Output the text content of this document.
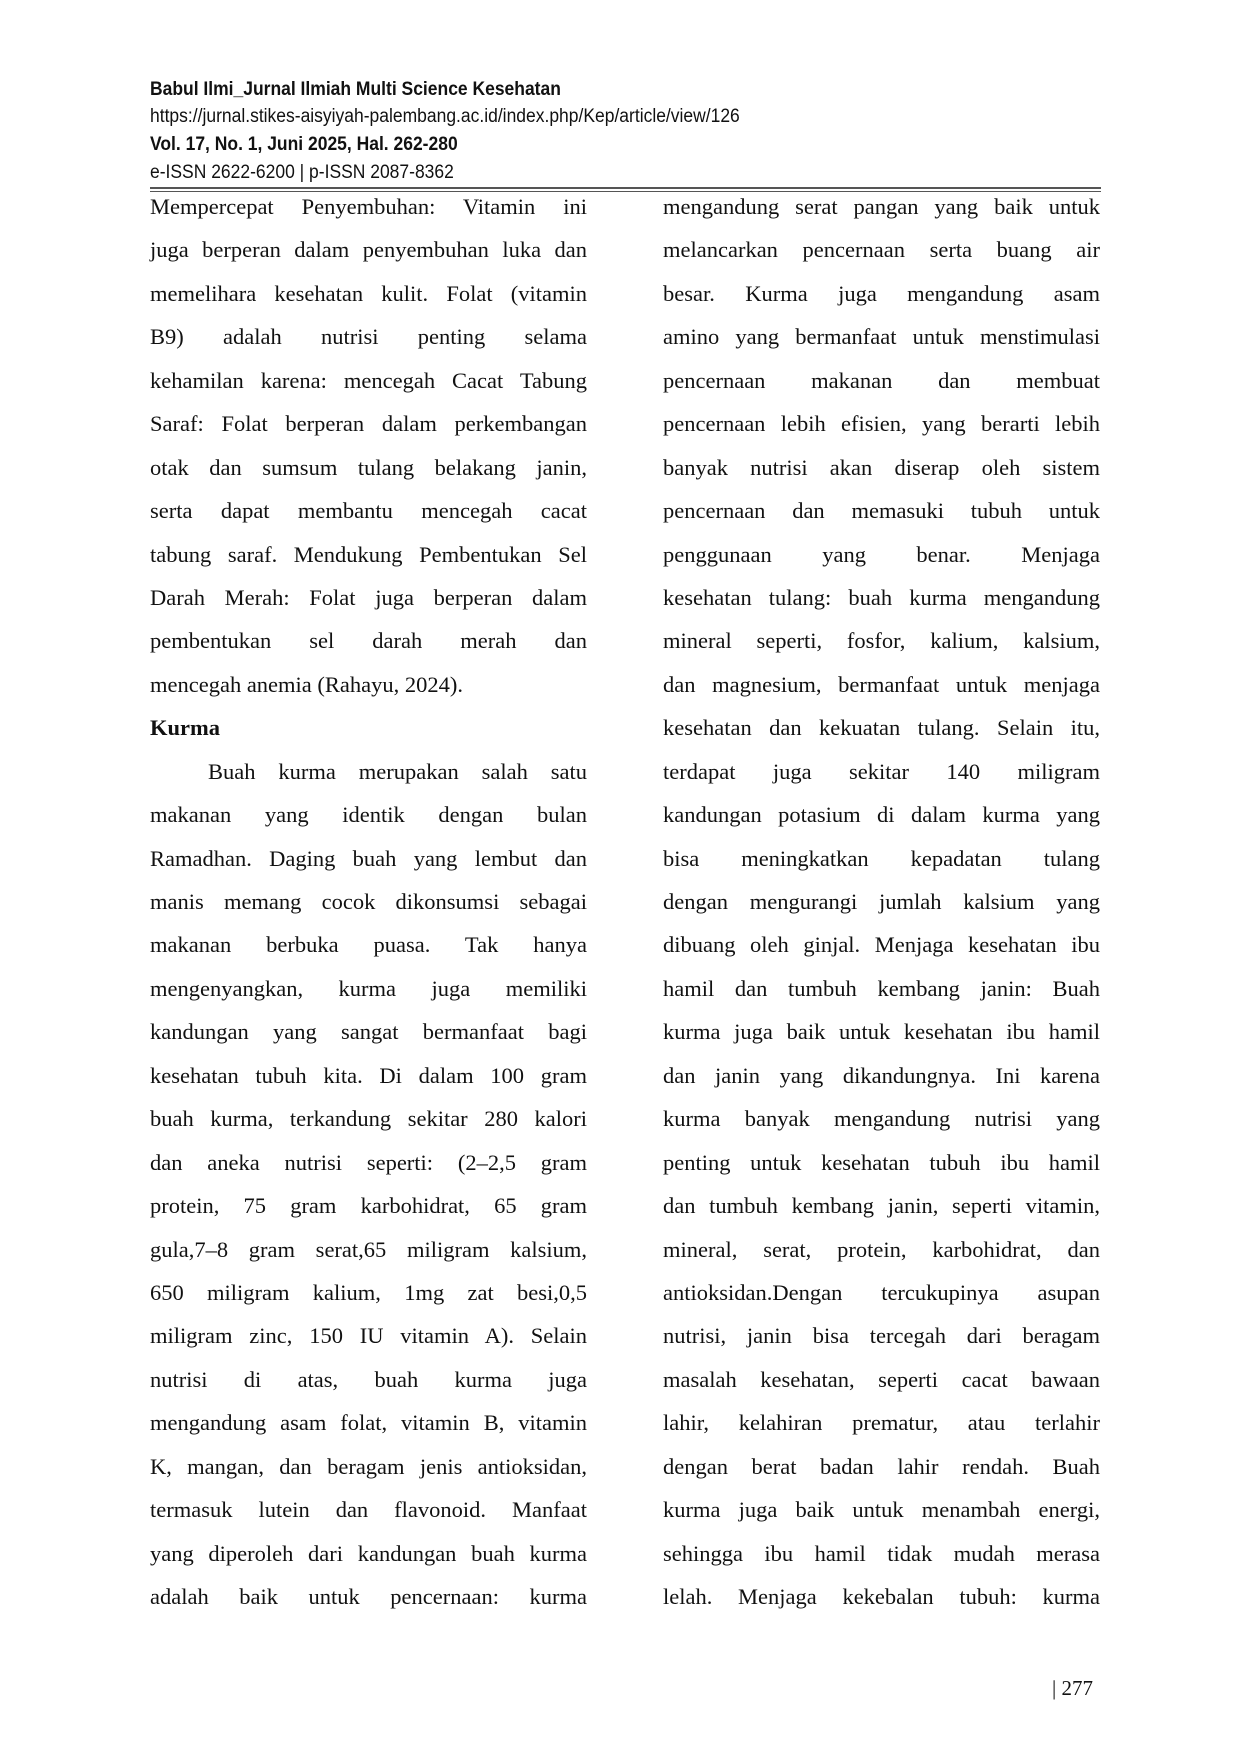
Babul Ilmi_Jurnal Ilmiah Multi Science Kesehatan
https://jurnal.stikes-aisyiyah-palembang.ac.id/index.php/Kep/article/view/126
Vol. 17, No. 1, Juni 2025, Hal. 262-280
e-ISSN 2622-6200 | p-ISSN 2087-8362
Mempercepat Penyembuhan: Vitamin ini
juga berperan dalam penyembuhan luka dan
memelihara kesehatan kulit. Folat (vitamin
B9) adalah nutrisi penting selama
kehamilan karena: mencegah Cacat Tabung
Saraf: Folat berperan dalam perkembangan
otak dan sumsum tulang belakang janin,
serta dapat membantu mencegah cacat
tabung saraf. Mendukung Pembentukan Sel
Darah Merah: Folat juga berperan dalam
pembentukan sel darah merah dan
mencegah anemia (Rahayu, 2024).
Kurma
Buah kurma merupakan salah satu
makanan yang identik dengan bulan
Ramadhan. Daging buah yang lembut dan
manis memang cocok dikonsumsi sebagai
makanan berbuka puasa. Tak hanya
mengenyangkan, kurma juga memiliki
kandungan yang sangat bermanfaat bagi
kesehatan tubuh kita. Di dalam 100 gram
buah kurma, terkandung sekitar 280 kalori
dan aneka nutrisi seperti: (2–2,5 gram
protein, 75 gram karbohidrat, 65 gram
gula,7–8 gram serat,65 miligram kalsium,
650 miligram kalium, 1mg zat besi,0,5
miligram zinc, 150 IU vitamin A). Selain
nutrisi di atas, buah kurma juga
mengandung asam folat, vitamin B, vitamin
K, mangan, dan beragam jenis antioksidan,
termasuk lutein dan flavonoid. Manfaat
yang diperoleh dari kandungan buah kurma
adalah baik untuk pencernaan: kurma
mengandung serat pangan yang baik untuk
melancarkan pencernaan serta buang air
besar. Kurma juga mengandung asam
amino yang bermanfaat untuk menstimulasi
pencernaan makanan dan membuat
pencernaan lebih efisien, yang berarti lebih
banyak nutrisi akan diserap oleh sistem
pencernaan dan memasuki tubuh untuk
penggunaan yang benar. Menjaga
kesehatan tulang: buah kurma mengandung
mineral seperti, fosfor, kalium, kalsium,
dan magnesium, bermanfaat untuk menjaga
kesehatan dan kekuatan tulang. Selain itu,
terdapat juga sekitar 140 miligram
kandungan potasium di dalam kurma yang
bisa meningkatkan kepadatan tulang
dengan mengurangi jumlah kalsium yang
dibuang oleh ginjal. Menjaga kesehatan ibu
hamil dan tumbuh kembang janin: Buah
kurma juga baik untuk kesehatan ibu hamil
dan janin yang dikandungnya. Ini karena
kurma banyak mengandung nutrisi yang
penting untuk kesehatan tubuh ibu hamil
dan tumbuh kembang janin, seperti vitamin,
mineral, serat, protein, karbohidrat, dan
antioksidan.Dengan tercukupinya asupan
nutrisi, janin bisa tercegah dari beragam
masalah kesehatan, seperti cacat bawaan
lahir, kelahiran prematur, atau terlahir
dengan berat badan lahir rendah. Buah
kurma juga baik untuk menambah energi,
sehingga ibu hamil tidak mudah merasa
lelah. Menjaga kekebalan tubuh: kurma
| 277
